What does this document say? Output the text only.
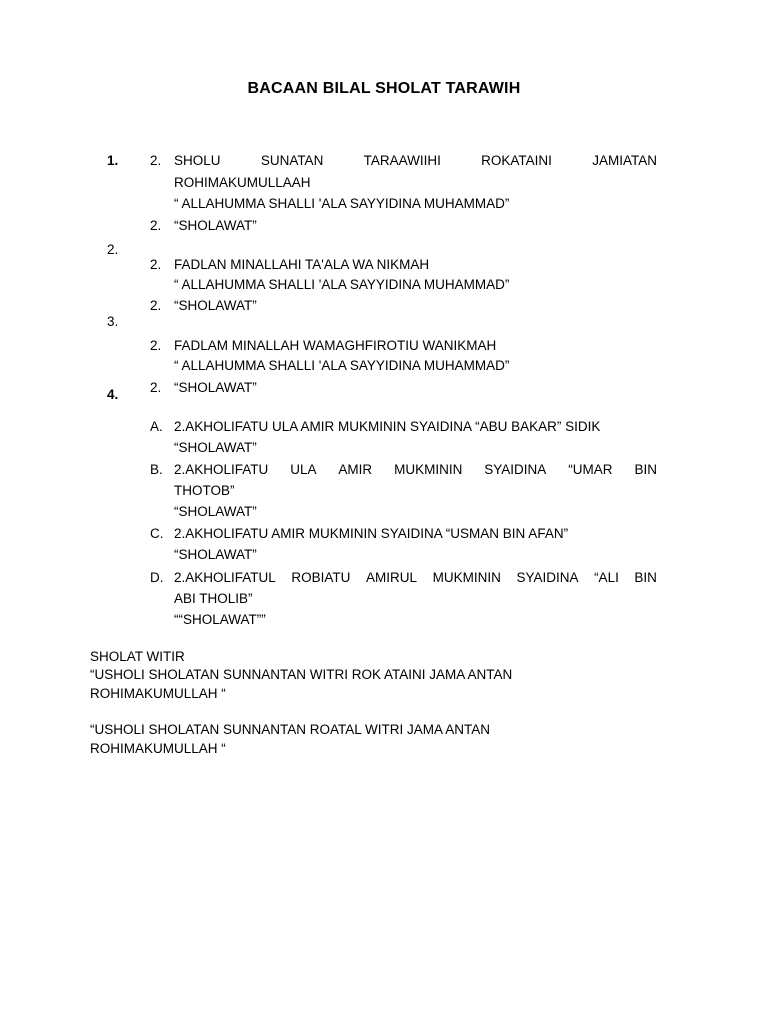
BACAAN BILAL SHOLAT TARAWIH
1.
2.
3.
4.
2. SHOLU	SUNATAN	TARAAWIIHI	ROKATAINI	JAMIATAN
ROHIMAKUMULLAAH
“ ALLAHUMMA SHALLI 'ALA SAYYIDINA MUHAMMAD”
2. “SHOLAWAT”
2. FADLAN MINALLAHI TA'ALA WA NIKMAH
“ ALLAHUMMA SHALLI 'ALA SAYYIDINA MUHAMMAD”
2. “SHOLAWAT”
2. FADLAM MINALLAH WAMAGHFIROTIU WANIKMAH
“ ALLAHUMMA SHALLI 'ALA SAYYIDINA MUHAMMAD”
2. “SHOLAWAT”
A. 2.AKHOLIFATU ULA AMIR MUKMININ SYAIDINA “ABU BAKAR” SIDIK
“SHOLAWAT”
B. 2.AKHOLIFATU ULA AMIR MUKMININ SYAIDINA “UMAR BIN
THOTOB”
“SHOLAWAT”
C. 2.AKHOLIFATU AMIR MUKMININ SYAIDINA “USMAN BIN AFAN”
“SHOLAWAT”
D. 2.AKHOLIFATUL ROBIATU AMIRUL MUKMININ SYAIDINA “ALI BIN
ABI THOLIB”
““SHOLAWAT””
SHOLAT WITIR
“USHOLI SHOLATAN SUNNANTAN WITRI ROK ATAINI JAMA ANTAN
ROHIMAKUMULLAH “
“USHOLI SHOLATAN SUNNANTAN ROATAL WITRI JAMA ANTAN
ROHIMAKUMULLAH “
